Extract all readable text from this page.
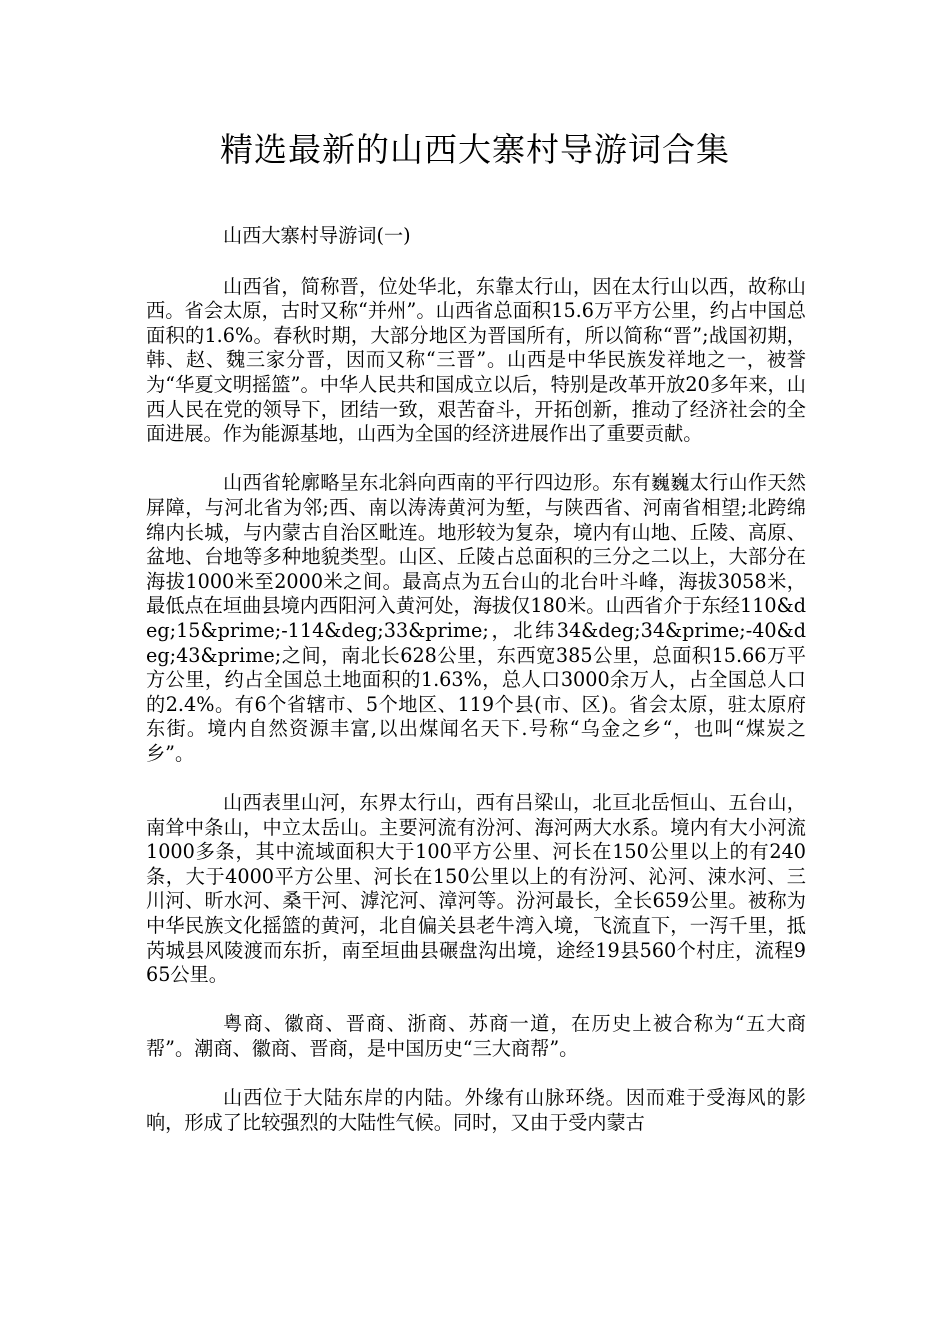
精选最新的山西大寨村导游词合集

山西大寨村导游词(一)

山西省，简称晋，位处华北，东靠太行山，因在太行山以西，故称山西。省会太原，古时又称“并州”。山西省总面积15.6万平方公里，约占中国总面积的1.6%。春秋时期，大部分地区为晋国所有，所以简称“晋”;战国初期，韩、赵、魏三家分晋，因而又称“三晋”。山西是中华民族发祥地之一，被誉为“华夏文明摇篮”。中华人民共和国成立以后，特别是改革开放20多年来，山西人民在党的领导下，团结一致，艰苦奋斗，开拓创新，推动了经济社会的全面进展。作为能源基地，山西为全国的经济进展作出了重要贡献。

山西省轮廓略呈东北斜向西南的平行四边形。东有巍巍太行山作天然屏障，与河北省为邻;西、南以涛涛黄河为堑，与陕西省、河南省相望;北跨绵绵内长城，与内蒙古自治区毗连。地形较为复杂，境内有山地、丘陵、高原、盆地、台地等多种地貌类型。山区、丘陵占总面积的三分之二以上，大部分在海拔1000米至2000米之间。最高点为五台山的北台叶斗峰，海拔3058米，最低点在垣曲县境内西阳河入黄河处，海拔仅180米。山西省介于东经110&deg;15&prime;-114&deg;33&prime;，北纬34&deg;34&prime;-40&deg;43&prime;之间，南北长628公里，东西宽385公里，总面积15.66万平方公里，约占全国总土地面积的1.63%，总人口3000余万人，占全国总人口的2.4%。有6个省辖市、5个地区、119个县(市、区)。省会太原，驻太原府东街。境内自然资源丰富,以出煤闻名天下.号称“乌金之乡“，也叫“煤炭之乡”。

山西表里山河，东界太行山，西有吕梁山，北亘北岳恒山、五台山，南耸中条山，中立太岳山。主要河流有汾河、海河两大水系。境内有大小河流1000多条，其中流域面积大于100平方公里、河长在150公里以上的有240条，大于4000平方公里、河长在150公里以上的有汾河、沁河、涑水河、三川河、昕水河、桑干河、滹沱河、漳河等。汾河最长，全长659公里。被称为中华民族文化摇篮的黄河，北自偏关县老牛湾入境，飞流直下，一泻千里，抵芮城县风陵渡而东折，南至垣曲县碾盘沟出境，途经19县560个村庄，流程965公里。

粤商、徽商、晋商、浙商、苏商一道，在历史上被合称为“五大商帮”。潮商、徽商、晋商，是中国历史“三大商帮”。

山西位于大陆东岸的内陆。外缘有山脉环绕。因而难于受海风的影响，形成了比较强烈的大陆性气候。同时，又由于受内蒙古
